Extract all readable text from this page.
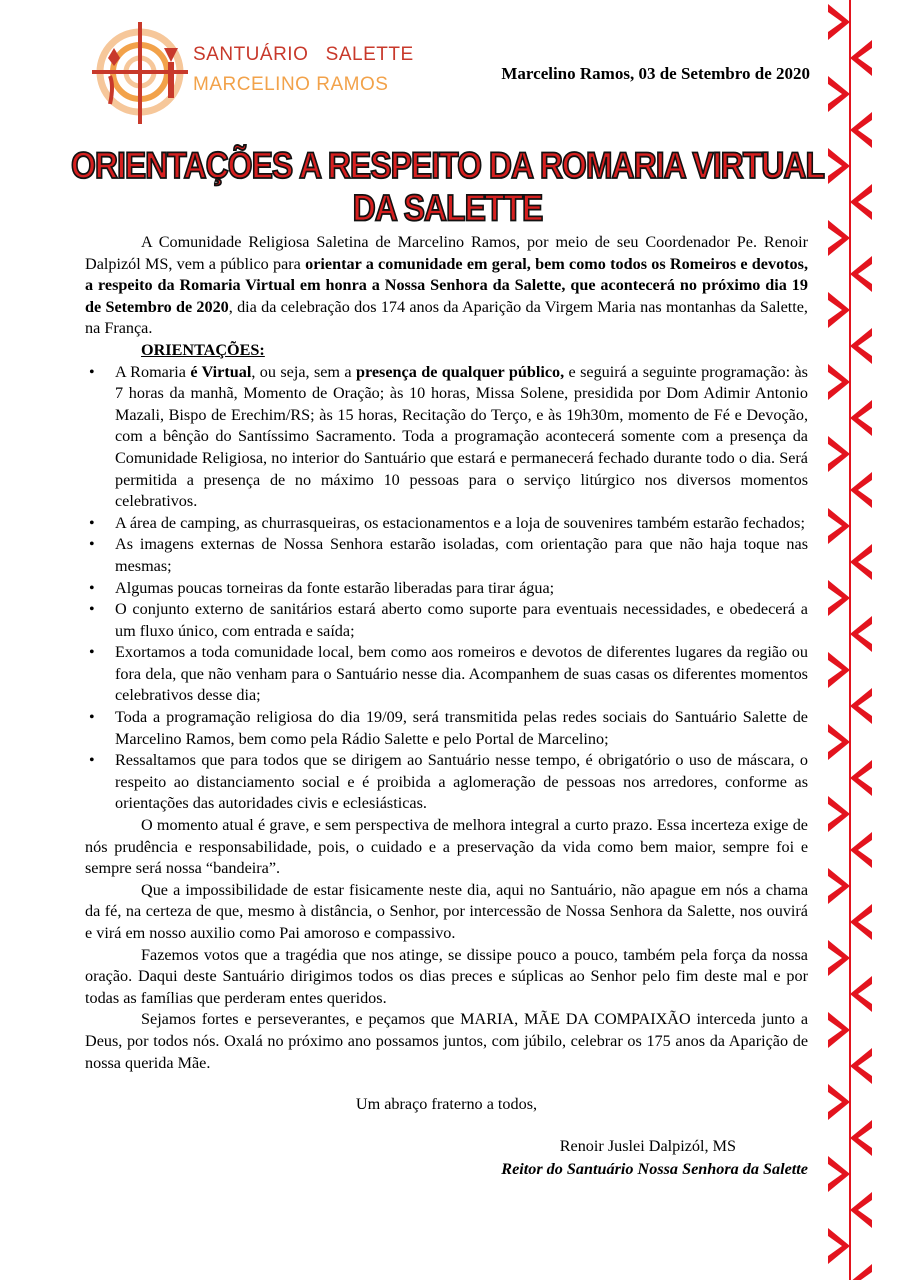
SANTUÁRIO   SALETTE
MARCELINO RAMOS
Marcelino Ramos, 03 de Setembro de 2020
ORIENTAÇÕES A RESPEITO DA ROMARIA VIRTUAL DA SALETTE

A Comunidade Religiosa Saletina de Marcelino Ramos, por meio de seu Coordenador Pe. Renoir Dalpizól MS, vem a público para orientar a comunidade em geral, bem como todos os Romeiros e devotos, a respeito da Romaria Virtual em honra a Nossa Senhora da Salette, que acontecerá no próximo dia 19 de Setembro de 2020, dia da celebração dos 174 anos da Aparição da Virgem Maria nas montanhas da Salette, na França.

ORIENTAÇÕES:
• A Romaria é Virtual, ou seja, sem a presença de qualquer público, e seguirá a seguinte programação: às 7 horas da manhã, Momento de Oração; às 10 horas, Missa Solene, presidida por Dom Adimir Antonio Mazali, Bispo de Erechim/RS; às 15 horas, Recitação do Terço, e às 19h30m, momento de Fé e Devoção, com a bênção do Santíssimo Sacramento. Toda a programação acontecerá somente com a presença da Comunidade Religiosa, no interior do Santuário que estará e permanecerá fechado durante todo o dia. Será permitida a presença de no máximo 10 pessoas para o serviço litúrgico nos diversos momentos celebrativos.
• A área de camping, as churrasqueiras, os estacionamentos e a loja de souvenires também estarão fechados;
• As imagens externas de Nossa Senhora estarão isoladas, com orientação para que não haja toque nas mesmas;
• Algumas poucas torneiras da fonte estarão liberadas para tirar água;
• O conjunto externo de sanitários estará aberto como suporte para eventuais necessidades, e obedecerá a um fluxo único, com entrada e saída;
• Exortamos a toda comunidade local, bem como aos romeiros e devotos de diferentes lugares da região ou fora dela, que não venham para o Santuário nesse dia. Acompanhem de suas casas os diferentes momentos celebrativos desse dia;
• Toda a programação religiosa do dia 19/09, será transmitida pelas redes sociais do Santuário Salette de Marcelino Ramos, bem como pela Rádio Salette e pelo Portal de Marcelino;
• Ressaltamos que para todos que se dirigem ao Santuário nesse tempo, é obrigatório o uso de máscara, o respeito ao distanciamento social e é proibida a aglomeração de pessoas nos arredores, conforme as orientações das autoridades civis e eclesiásticas.

O momento atual é grave, e sem perspectiva de melhora integral a curto prazo. Essa incerteza exige de nós prudência e responsabilidade, pois, o cuidado e a preservação da vida como bem maior, sempre foi e sempre será nossa “bandeira”.

Que a impossibilidade de estar fisicamente neste dia, aqui no Santuário, não apague em nós a chama da fé, na certeza de que, mesmo à distância, o Senhor, por intercessão de Nossa Senhora da Salette, nos ouvirá e virá em nosso auxilio como Pai amoroso e compassivo.

Fazemos votos que a tragédia que nos atinge, se dissipe pouco a pouco, também pela força da nossa oração. Daqui deste Santuário dirigimos todos os dias preces e súplicas ao Senhor pelo fim deste mal e por todas as famílias que perderam entes queridos.

Sejamos fortes e perseverantes, e peçamos que MARIA, MÃE DA COMPAIXÃO interceda junto a Deus, por todos nós. Oxalá no próximo ano possamos juntos, com júbilo, celebrar os 175 anos da Aparição de nossa querida Mãe.

Um abraço fraterno a todos,
Renoir Juslei Dalpizól, MS
Reitor do Santuário Nossa Senhora da Salette
